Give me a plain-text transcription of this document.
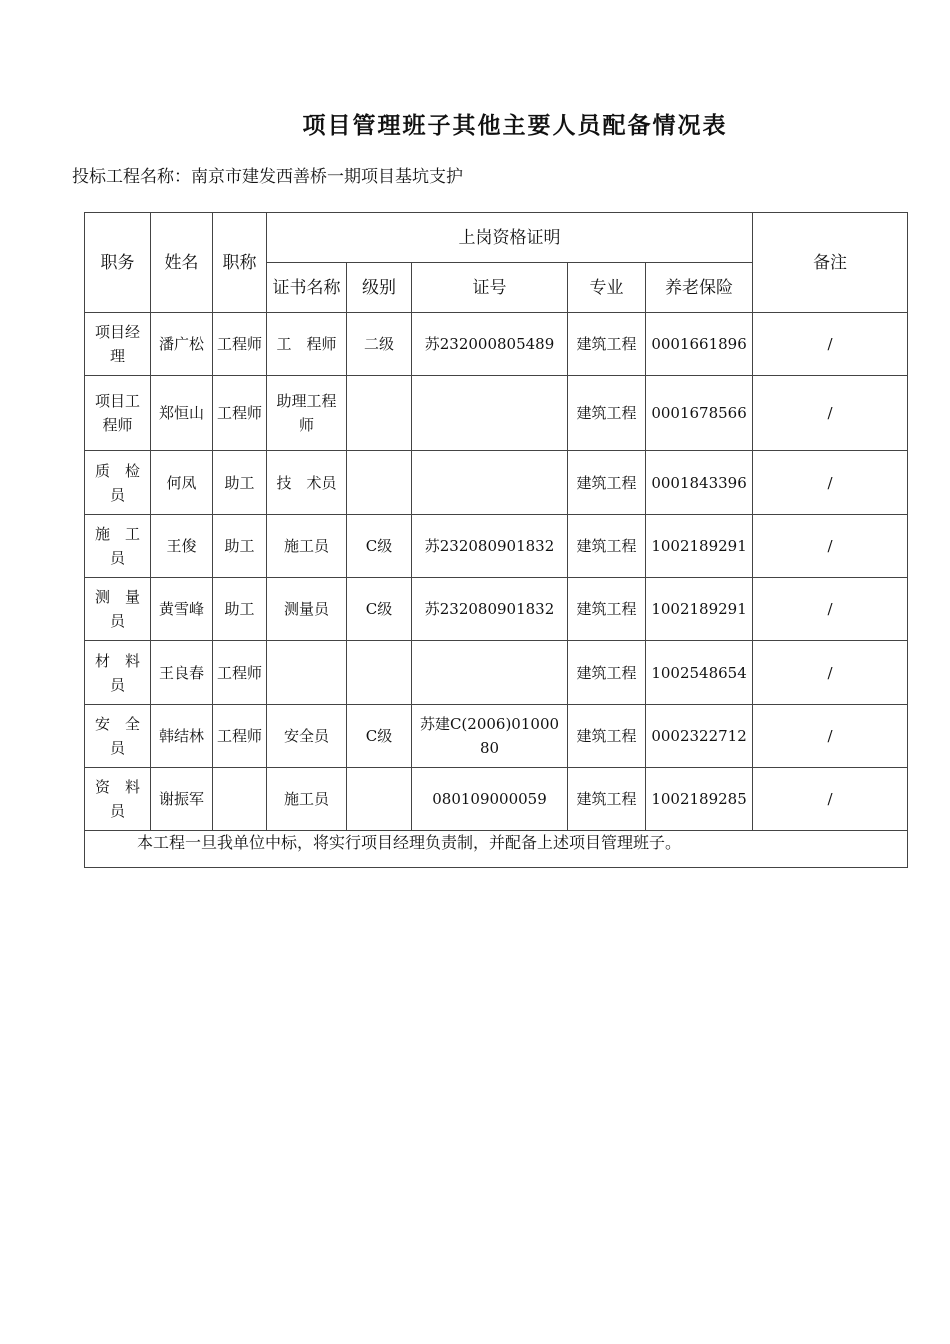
项目管理班子其他主要人员配备情况表
投标工程名称：南京市建发西善桥一期项目基坑支护
职务	姓名	职称	上岗资格证明					备注
			证书名称	级别	证号	专业	养老保险	
项目经理	潘广松	工程师	工　程师	二级	苏232000805489	建筑工程	0001661896	/
项目工程师	郑恒山	工程师	助理工程师			建筑工程	0001678566	/
质　检员	何凤	助工	技　术员			建筑工程	0001843396	/
施　工员	王俊	助工	施工员	C级	苏232080901832	建筑工程	1002189291	/
测　量员	黄雪峰	助工	测量员	C级	苏232080901832	建筑工程	1002189291	/
材　料员	王良春	工程师				建筑工程	1002548654	/
安　全员	韩结林	工程师	安全员	C级	苏建C(2006)0100080	建筑工程	0002322712	/
资　料员	谢振军		施工员		080109000059	建筑工程	1002189285	/
本工程一旦我单位中标，将实行项目经理负责制，并配备上述项目管理班子。								
